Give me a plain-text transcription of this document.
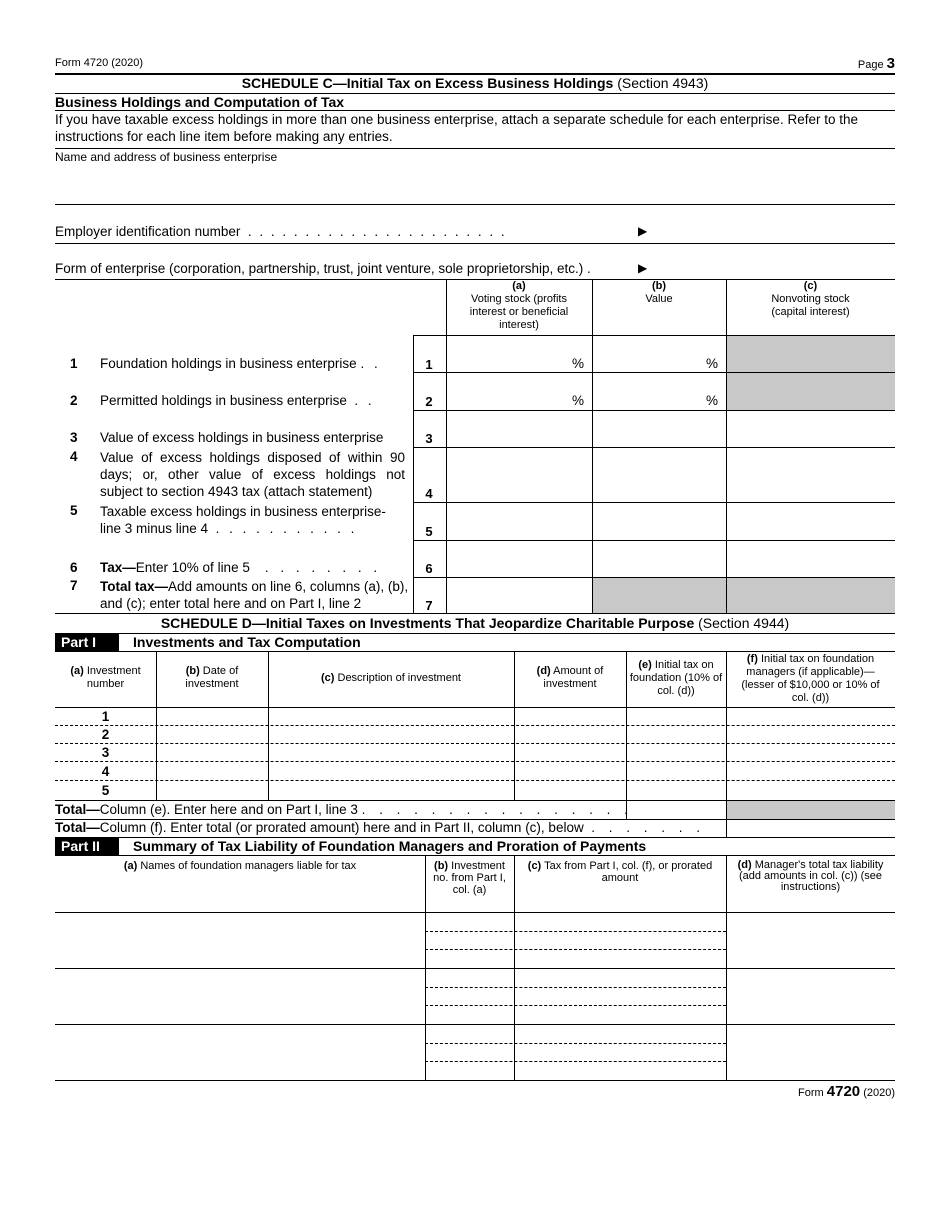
Form 4720 (2020)	Page 3
SCHEDULE C—Initial Tax on Excess Business Holdings (Section 4943)
Business Holdings and Computation of Tax
If you have taxable excess holdings in more than one business enterprise, attach a separate schedule for each enterprise. Refer to the instructions for each line item before making any entries.
Name and address of business enterprise
Employer identification number . . . . . . . . . . . . . . . . . . . . . . .	▶
Form of enterprise (corporation, partnership, trust, joint venture, sole proprietorship, etc.) .	▶
(a)
Voting stock (profits interest or beneficial interest)
(b)
Value
(c)
Nonvoting stock (capital interest)
1 Foundation holdings in business enterprise . .	1	%	%
2 Permitted holdings in business enterprise . .	2	%	%
3 Value of excess holdings in business enterprise	3
4 Value of excess holdings disposed of within 90 days; or, other value of excess holdings not subject to section 4943 tax (attach statement)	4
5 Taxable excess holdings in business enterprise-line 3 minus line 4 . . . . . . . . . . .	5
6 Tax—Enter 10% of line 5 . . . . . . . .	6
7 Total tax—Add amounts on line 6, columns (a), (b), and (c); enter total here and on Part I, line 2	7
SCHEDULE D—Initial Taxes on Investments That Jeopardize Charitable Purpose (Section 4944)
Part I	Investments and Tax Computation
(a) Investment number
(b) Date of investment	(c) Description of investment
(d) Amount of investment
(e) Initial tax on foundation (10% of col. (d))
(f) Initial tax on foundation managers (if applicable)—(lesser of $10,000 or 10% of col. (d))
1
2
3
4
5
Total—Column (e). Enter here and on Part I, line 3 . . . . . . . . . . . . . . . .
Total—Column (f). Enter total (or prorated amount) here and in Part II, column (c), below . . . . . . .
Part II	Summary of Tax Liability of Foundation Managers and Proration of Payments
(a) Names of foundation managers liable for tax	(b) Investment no. from Part I, col. (a)
(c) Tax from Part I, col. (f), or prorated amount
(d) Manager's total tax liability (add amounts in col. (c)) (see instructions)
Form 4720 (2020)
